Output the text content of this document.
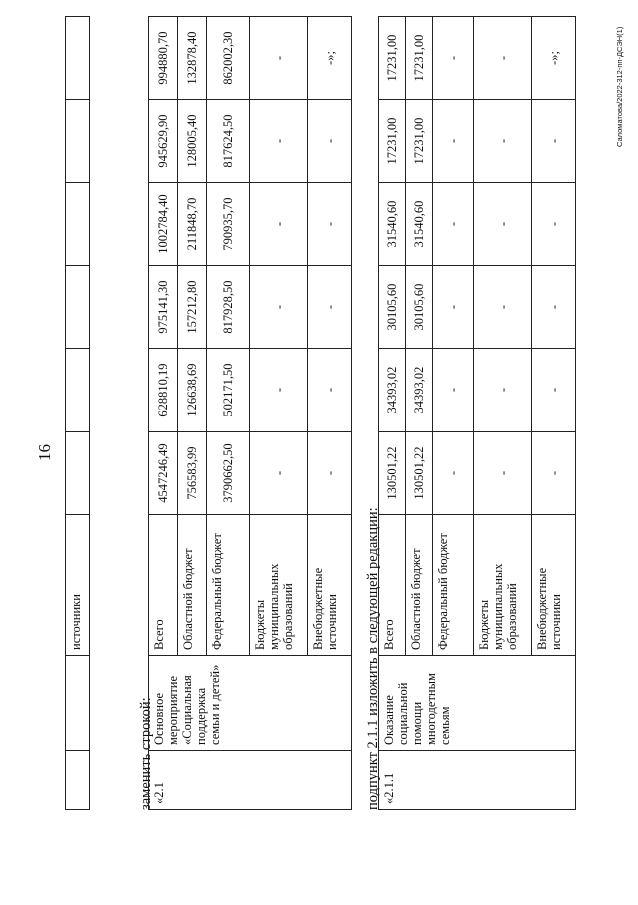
16
		источники						
заменить строкой:
«2.1	Основное мероприятие «Социальная поддержка семьи и детей»	Всего	4547246,49	628810,19	975141,30	1002784,40	945629,90	994880,70
		Областной бюджет	756583,99	126638,69	157212,80	211848,70	128005,40	132878,40
		Федеральный бюджет	3790662,50	502171,50	817928,50	790935,70	817624,50	862002,30
		Бюджеты муниципальных образований	-	-	-	-	-	-
		Внебюджетные источники	-	-	-	-	-	-»;
подпункт 2.1.1 изложить в следующей редакции: «2.1.1	Оказание социальной помощи многодетным семьям	Всего	130501,22	34393,02	30105,60	31540,60	17231,00	17231,00
		Областной бюджет	130501,22	34393,02	30105,60	31540,60	17231,00	17231,00
		Федеральный бюджет	-	-	-	-	-	-
		Бюджеты муниципальных образований	-	-	-	-	-	-
		Внебюджетные источники	-	-	-	-	-	-»;	Саломатова/2022-312-пп-ДСЭН(1)
